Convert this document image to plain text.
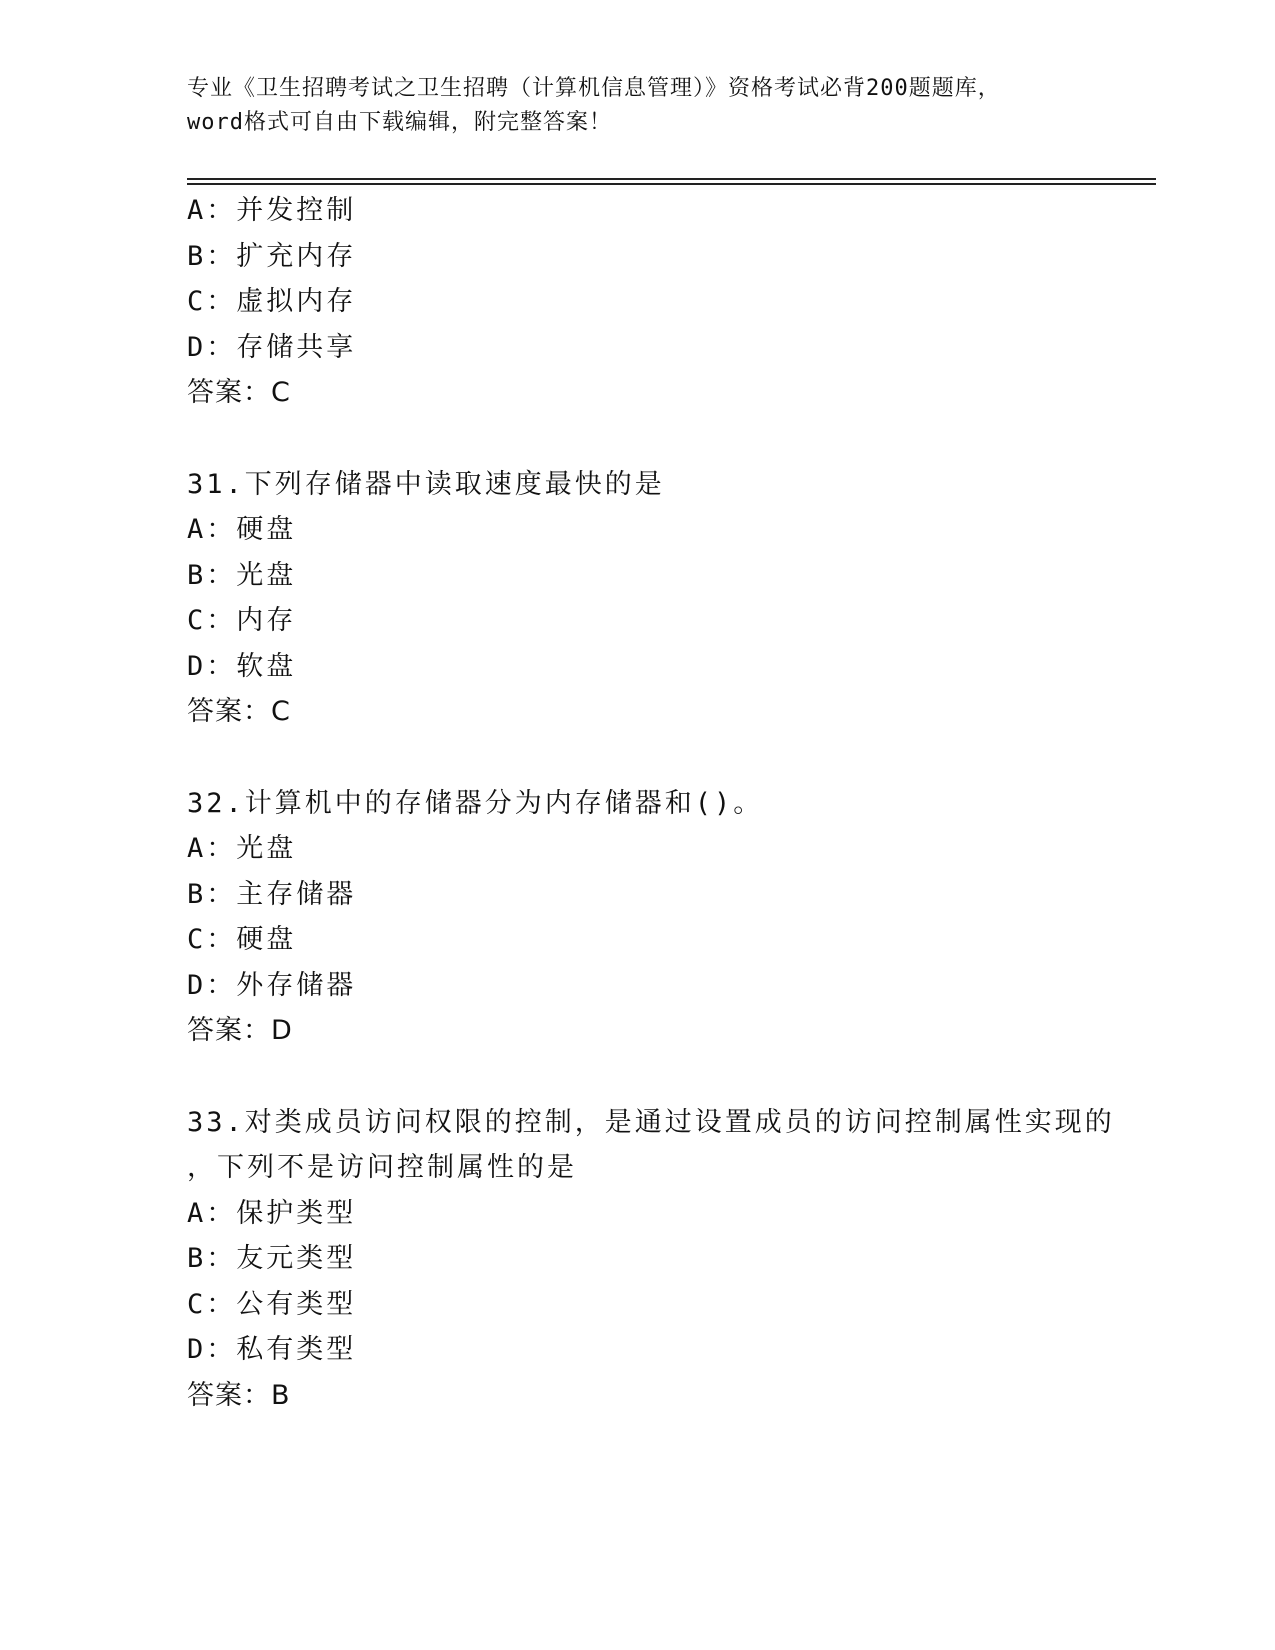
专业《卫生招聘考试之卫生招聘（计算机信息管理）》资格考试必背200题题库，
word格式可自由下载编辑，附完整答案！
A：并发控制
B：扩充内存
C：虚拟内存
D：存储共享
答案：C
31.下列存储器中读取速度最快的是
A：硬盘
B：光盘
C：内存
D：软盘
答案：C
32.计算机中的存储器分为内存储器和()。
A：光盘
B：主存储器
C：硬盘
D：外存储器
答案：D
33.对类成员访问权限的控制，是通过设置成员的访问控制属性实现的
，下列不是访问控制属性的是
A：保护类型
B：友元类型
C：公有类型
D：私有类型
答案：B
